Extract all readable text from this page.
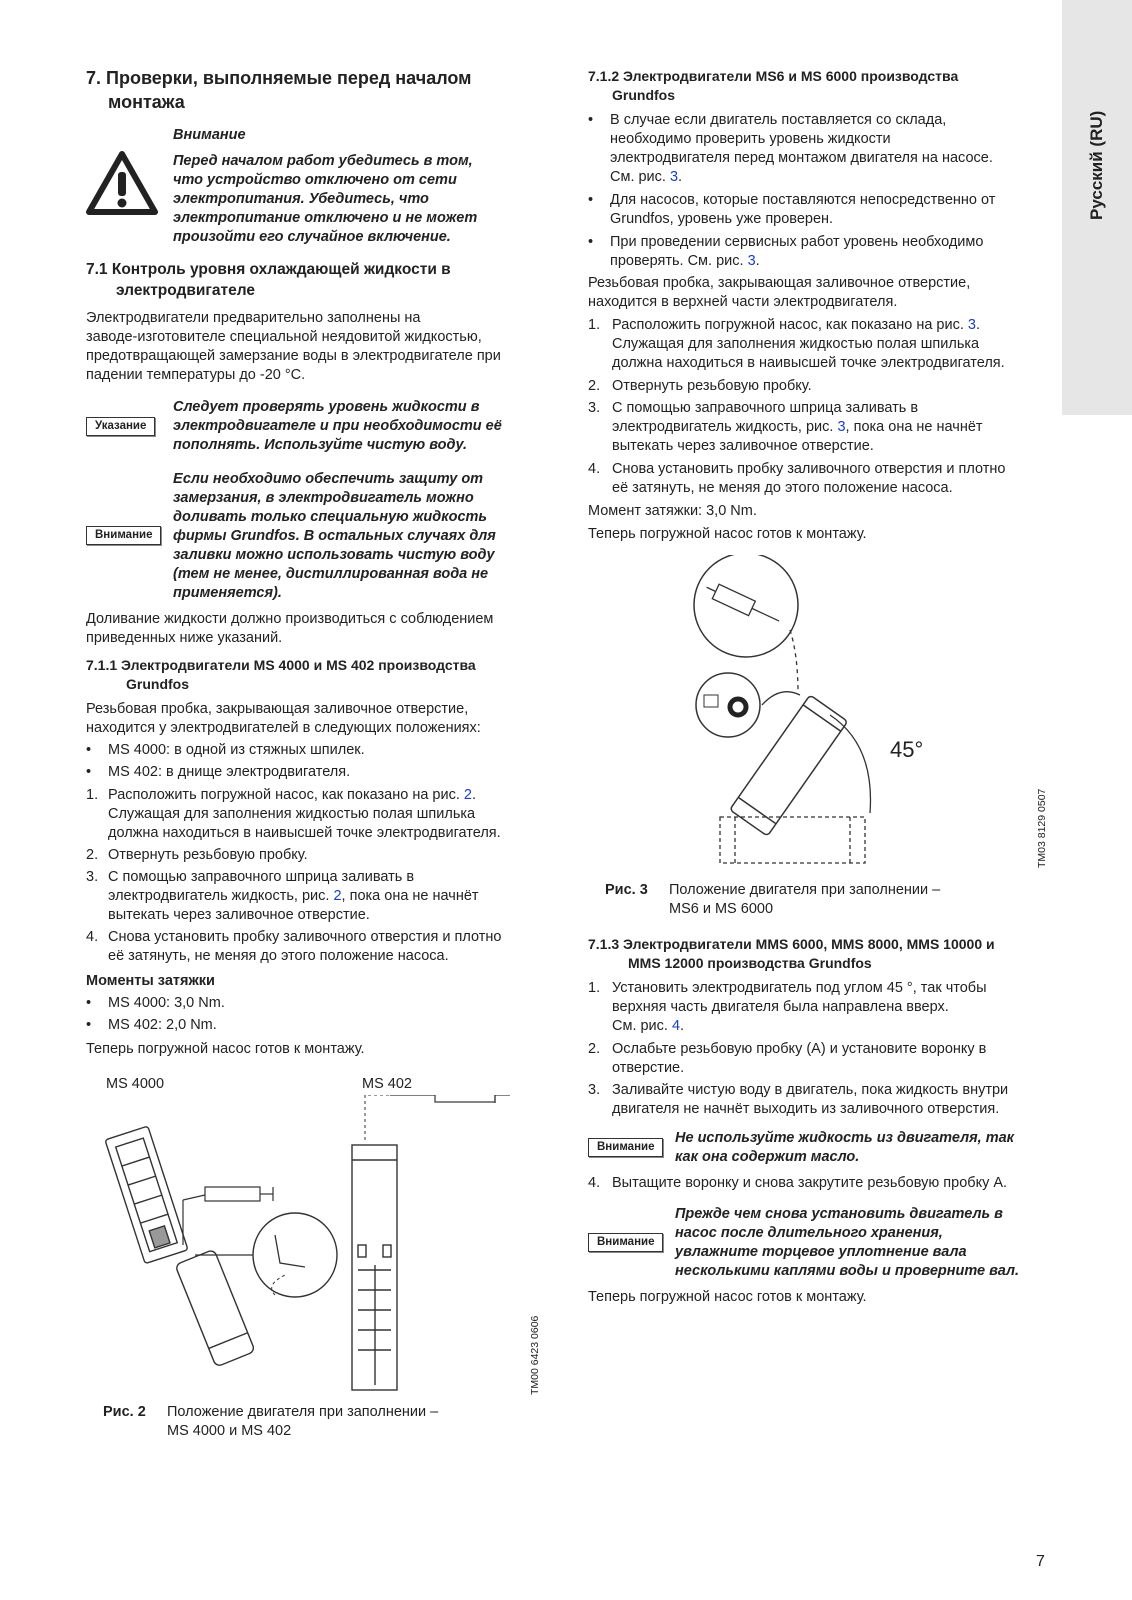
Русский (RU)
7. Проверки, выполняемые перед началом
монтажа
Внимание
Перед началом работ убедитесь в том,
что устройство отключено от сети
электропитания. Убедитесь, что
электропитание отключено и не может
произойти его случайное включение.
7.1 Контроль уровня охлаждающей жидкости в
электродвигателе
Электродвигатели предварительно заполнены на
заводе-изготовителе специальной неядовитой жидкостью,
предотвращающей замерзание воды в электродвигателе при
падении температуры до -20 °C.
Указание
Следует проверять уровень жидкости в
электродвигателе и при необходимости её
пополнять. Используйте чистую воду.
Внимание
Если необходимо обеспечить защиту от
замерзания, в электродвигатель можно
доливать только специальную жидкость
фирмы Grundfos. В остальных случаях для
заливки можно использовать чистую воду
(тем не менее, дистиллированная вода не
применяется).
Доливание жидкости должно производиться с соблюдением
приведенных ниже указаний.
7.1.1 Электродвигатели MS 4000 и MS 402 производства
Grundfos
Резьбовая пробка, закрывающая заливочное отверстие,
находится у электродвигателей в следующих положениях:
• MS 4000: в одной из стяжных шпилек.
• MS 402: в днище электродвигателя.
1. Расположить погружной насос, как показано на рис. 2.
Служащая для заполнения жидкостью полая шпилька
должна находиться в наивысшей точке электродвигателя.
2. Отвернуть резьбовую пробку.
3. С помощью заправочного шприца заливать в
электродвигатель жидкость, рис. 2, пока она не начнёт
вытекать через заливочное отверстие.
4. Снова установить пробку заливочного отверстия и плотно
её затянуть, не меняя до этого положение насоса.
Моменты затяжки
• MS 4000: 3,0 Nm.
• MS 402: 2,0 Nm.
Теперь погружной насос готов к монтажу.
MS 4000	MS 402
TM00 6423 0606
Рис. 2 Положение двигателя при заполнении –
MS 4000 и MS 402
7.1.2 Электродвигатели MS6 и MS 6000 производства
Grundfos
• В случае если двигатель поставляется со склада,
необходимо проверить уровень жидкости
электродвигателя перед монтажом двигателя на насосе.
См. рис. 3.
• Для насосов, которые поставляются непосредственно от
Grundfos, уровень уже проверен.
• При проведении сервисных работ уровень необходимо
проверять. См. рис. 3.
Резьбовая пробка, закрывающая заливочное отверстие,
находится в верхней части электродвигателя.
1. Расположить погружной насос, как показано на рис. 3.
Служащая для заполнения жидкостью полая шпилька
должна находиться в наивысшей точке электродвигателя.
2. Отвернуть резьбовую пробку.
3. С помощью заправочного шприца заливать в
электродвигатель жидкость, рис. 3, пока она не начнёт
вытекать через заливочное отверстие.
4. Снова установить пробку заливочного отверстия и плотно
её затянуть, не меняя до этого положение насоса.
Момент затяжки: 3,0 Nm.
Теперь погружной насос готов к монтажу.
45°
TM03 8129 0507
Рис. 3 Положение двигателя при заполнении –
MS6 и MS 6000
7.1.3 Электродвигатели MMS 6000, MMS 8000, MMS 10000 и
MMS 12000 производства Grundfos
1. Установить электродвигатель под углом 45 °, так чтобы
верхняя часть двигателя была направлена вверх.
См. рис. 4.
2. Ослабьте резьбовую пробку (A) и установите воронку в
отверстие.
3. Заливайте чистую воду в двигатель, пока жидкость внутри
двигателя не начнёт выходить из заливочного отверстия.
Внимание
Не используйте жидкость из двигателя, так
как она содержит масло.
4. Вытащите воронку и снова закрутите резьбовую пробку A.
Внимание
Прежде чем снова установить двигатель в
насос после длительного хранения,
увлажните торцевое уплотнение вала
несколькими каплями воды и проверните вал.
Теперь погружной насос готов к монтажу.
7
